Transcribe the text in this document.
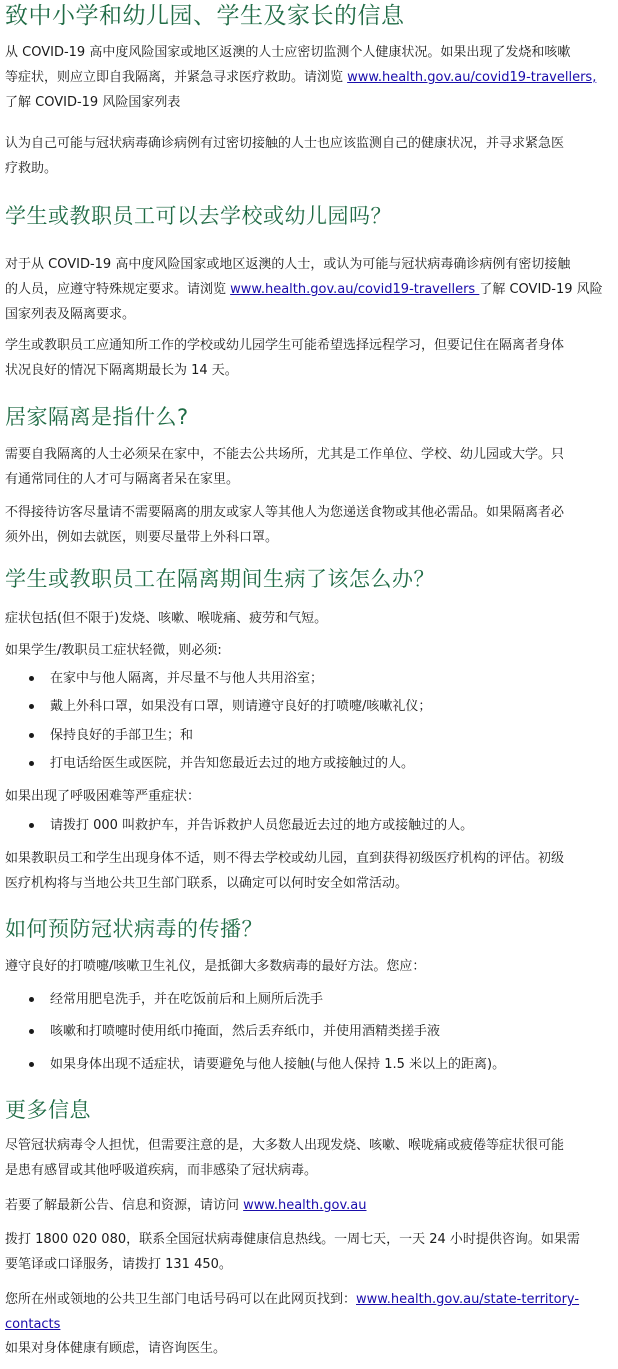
致中小学和幼儿园、学生及家长的信息
从 COVID-19 高中度风险国家或地区返澳的人士应密切监测个人健康状况。如果出现了发烧和咳嗽
等症状，则应立即自我隔离，并紧急寻求医疗救助。请浏览 www.health.gov.au/covid19-travellers,
了解 COVID-19 风险国家列表
认为自己可能与冠状病毒确诊病例有过密切接触的人士也应该监测自己的健康状况，并寻求紧急医
疗救助。
学生或教职员工可以去学校或幼儿园吗？
对于从 COVID-19 高中度风险国家或地区返澳的人士，或认为可能与冠状病毒确诊病例有密切接触
的人员，应遵守特殊规定要求。请浏览 www.health.gov.au/covid19-travellers 了解 COVID-19 风险
国家列表及隔离要求。
学生或教职员工应通知所工作的学校或幼儿园学生可能希望选择远程学习，但要记住在隔离者身体
状况良好的情况下隔离期最长为 14 天。
居家隔离是指什么?
需要自我隔离的人士必须呆在家中，不能去公共场所，尤其是工作单位、学校、幼儿园或大学。只
有通常同住的人才可与隔离者呆在家里。
不得接待访客尽量请不需要隔离的朋友或家人等其他人为您递送食物或其他必需品。如果隔离者必
须外出，例如去就医，则要尽量带上外科口罩。
学生或教职员工在隔离期间生病了该怎么办？
症状包括(但不限于)发烧、咳嗽、喉咙痛、疲劳和气短。
如果学生/教职员工症状轻微，则必须:
在家中与他人隔离，并尽量不与他人共用浴室；
戴上外科口罩，如果没有口罩，则请遵守良好的打喷嚏/咳嗽礼仪；
保持良好的手部卫生；和
打电话给医生或医院，并告知您最近去过的地方或接触过的人。
如果出现了呼吸困难等严重症状：
请拨打 000 叫救护车，并告诉救护人员您最近去过的地方或接触过的人。
如果教职员工和学生出现身体不适，则不得去学校或幼儿园，直到获得初级医疗机构的评估。初级
医疗机构将与当地公共卫生部门联系，以确定可以何时安全如常活动。
如何预防冠状病毒的传播？
遵守良好的打喷嚏/咳嗽卫生礼仪，是抵御大多数病毒的最好方法。您应：
经常用肥皂洗手，并在吃饭前后和上厕所后洗手
咳嗽和打喷嚏时使用纸巾掩面，然后丢弃纸巾，并使用酒精类搓手液
如果身体出现不适症状，请要避免与他人接触(与他人保持 1.5 米以上的距离)。
更多信息
尽管冠状病毒令人担忧，但需要注意的是，大多数人出现发烧、咳嗽、喉咙痛或疲倦等症状很可能
是患有感冒或其他呼吸道疾病，而非感染了冠状病毒。
若要了解最新公告、信息和资源，请访问 www.health.gov.au
拨打 1800 020 080，联系全国冠状病毒健康信息热线。一周七天，一天 24 小时提供咨询。如果需
要笔译或口译服务，请拨打 131 450。
您所在州或领地的公共卫生部门电话号码可以在此网页找到：www.health.gov.au/state-territory-
contacts
如果对身体健康有顾虑，请咨询医生。
